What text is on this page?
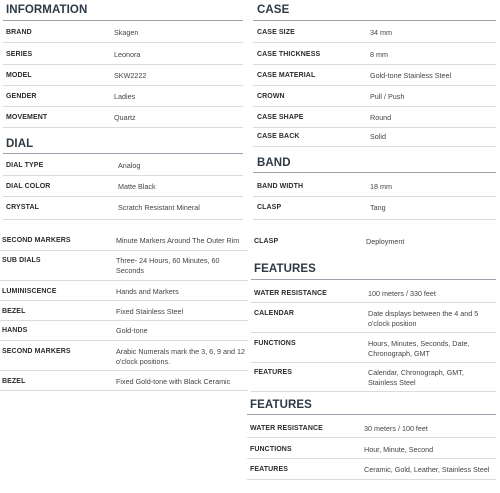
INFORMATION
BRAND	Skagen
SERIES	Leonora
MODEL	SKW2222
GENDER	Ladies
MOVEMENT	Quartz
DIAL
DIAL TYPE	Analog
DIAL COLOR	Matte Black
CRYSTAL	Scratch Resistant Mineral
SECOND MARKERS	Minute Markers Around The Outer Rim
SUB DIALS	Three- 24 Hours, 60 Minutes, 60 Seconds
LUMINISCENCE	Hands and Markers
BEZEL	Fixed Stainless Steel
HANDS	Gold-tone
SECOND MARKERS	Arabic Numerals mark the 3, 6, 9 and 12 o'clock positions.
BEZEL	Fixed Gold-tone with Black Ceramic
CASE
CASE SIZE	34 mm
CASE THICKNESS	8 mm
CASE MATERIAL	Gold-tone Stainless Steel
CROWN	Pull / Push
CASE SHAPE	Round
CASE BACK	Solid
BAND
BAND WIDTH	18 mm
CLASP	Tang
CLASP	Deployment
FEATURES
WATER RESISTANCE	100 meters / 330 feet
CALENDAR	Date displays between the 4 and 5 o'clock position
FUNCTIONS	Hours, Minutes, Seconds, Date, Chronograph, GMT
FEATURES	Calendar, Chronograph, GMT, Stainless Steel
FEATURES
WATER RESISTANCE	30 meters / 100 feet
FUNCTIONS	Hour, Minute, Second
FEATURES	Ceramic, Gold, Leather, Stainless Steel
